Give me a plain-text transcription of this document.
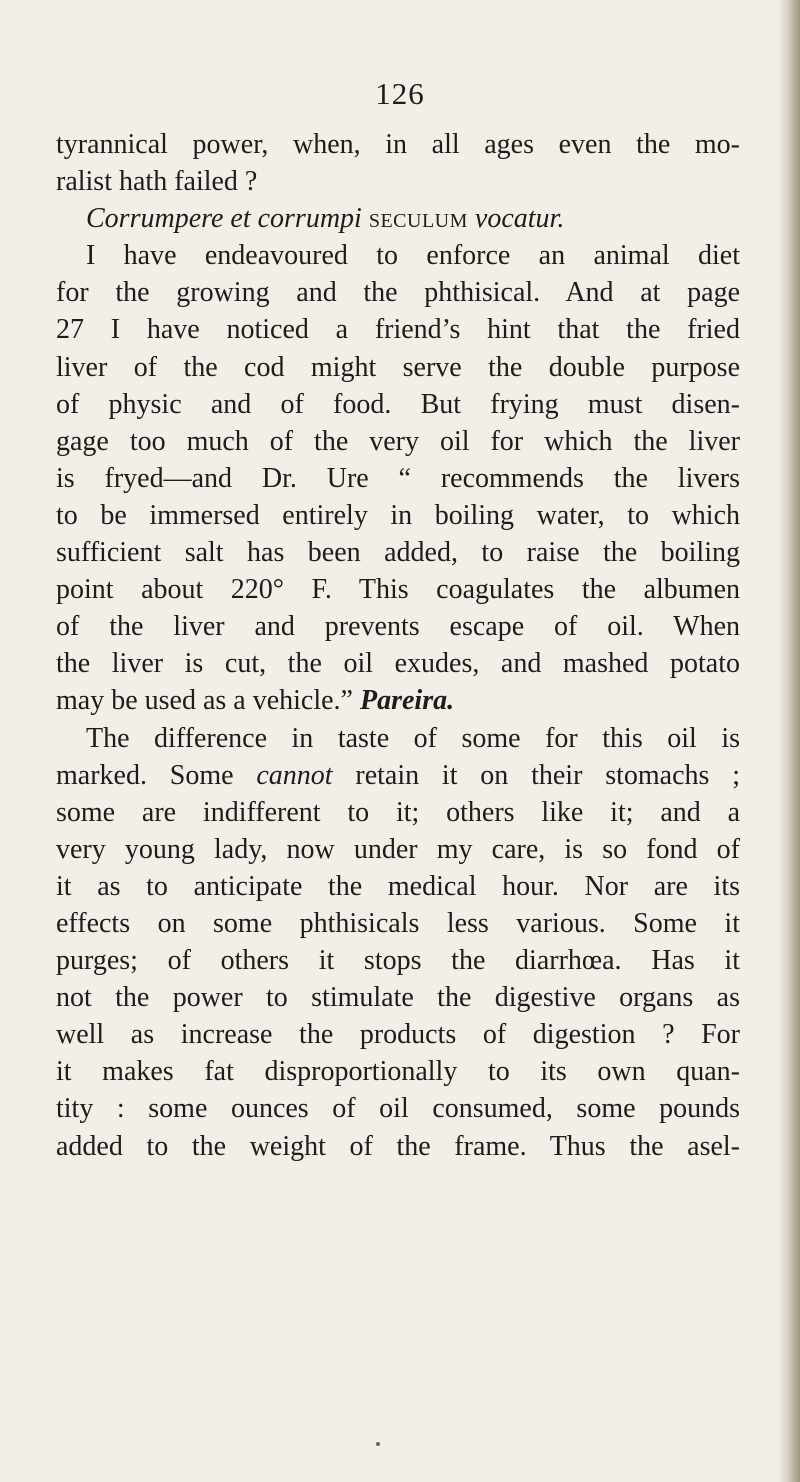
126
tyrannical power, when, in all ages even the mo-
ralist hath failed ?
Corrumpere et corrumpi seculum vocatur.
I have endeavoured to enforce an animal diet
for the growing and the phthisical. And at page
27 I have noticed a friend’s hint that the fried
liver of the cod might serve the double purpose
of physic and of food. But frying must disen-
gage too much of the very oil for which the liver
is fryed—and Dr. Ure “ recommends the livers
to be immersed entirely in boiling water, to which
sufficient salt has been added, to raise the boiling
point about 220° F. This coagulates the albumen
of the liver and prevents escape of oil. When
the liver is cut, the oil exudes, and mashed potato
may be used as a vehicle.” Pareira.
The difference in taste of some for this oil is
marked. Some cannot retain it on their stomachs ;
some are indifferent to it; others like it; and a
very young lady, now under my care, is so fond of
it as to anticipate the medical hour. Nor are its
effects on some phthisicals less various. Some it
purges; of others it stops the diarrhœa. Has it
not the power to stimulate the digestive organs as
well as increase the products of digestion ? For
it makes fat disproportionally to its own quan-
tity : some ounces of oil consumed, some pounds
added to the weight of the frame. Thus the asel-
